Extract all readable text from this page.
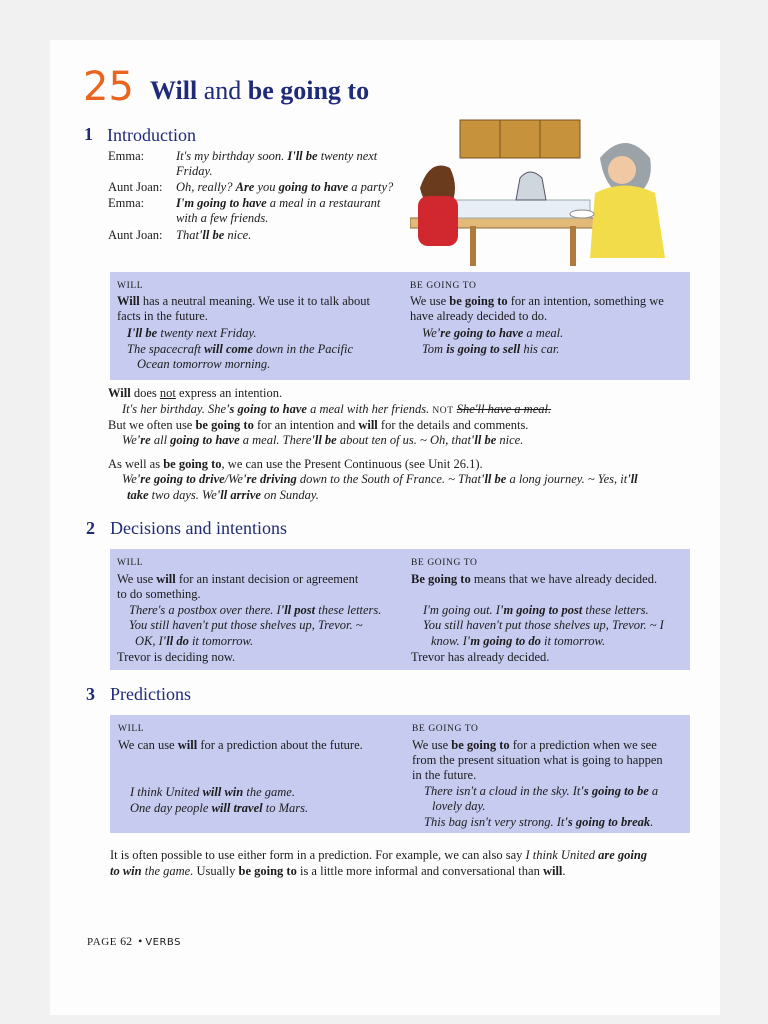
25 Will and be going to
1 Introduction
Emma:	It's my birthday soon. I'll be twenty next
Friday.
Aunt Joan: Oh, really? Are you going to have a party?
Emma:	I'm going to have a meal in a restaurant
with a few friends.
Aunt Joan: That'll be nice.
WILL
Will has a neutral meaning. We use it to talk about
facts in the future.
I'll be twenty next Friday.
The spacecraft will come down in the Pacific
Ocean tomorrow morning.
BE GOING TO
We use be going to for an intention, something we
have already decided to do.
We're going to have a meal.
Tom is going to sell his car.
Will does not express an intention.
It's her birthday. She's going to have a meal with her friends. NOT She'll have a meal.
But we often use be going to for an intention and will for the details and comments.
We're all going to have a meal. There'll be about ten of us. ~ Oh, that'll be nice.
As well as be going to, we can use the Present Continuous (see Unit 26.1).
We're going to drive/We're driving down to the South of France. ~ That'll be a long journey. ~ Yes, it'll
take two days. We'll arrive on Sunday.
2 Decisions and intentions
WILL
We use will for an instant decision or agreement
to do something.
There's a postbox over there. I'll post these letters.
You still haven't put those shelves up, Trevor. ~
OK, I'll do it tomorrow.
Trevor is deciding now.
BE GOING TO
Be going to means that we have already decided.
I'm going out. I'm going to post these letters.
You still haven't put those shelves up, Trevor. ~ I
know. I'm going to do it tomorrow.
Trevor has already decided.
3 Predictions
WILL
We can use will for a prediction about the future.
I think United will win the game.
One day people will travel to Mars.
BE GOING TO
We use be going to for a prediction when we see
from the present situation what is going to happen
in the future.
There isn't a cloud in the sky. It's going to be a
lovely day.
This bag isn't very strong. It's going to break.
It is often possible to use either form in a prediction. For example, we can also say I think United are going
to win the game. Usually be going to is a little more informal and conversational than will.
PAGE 62 • VERBS
